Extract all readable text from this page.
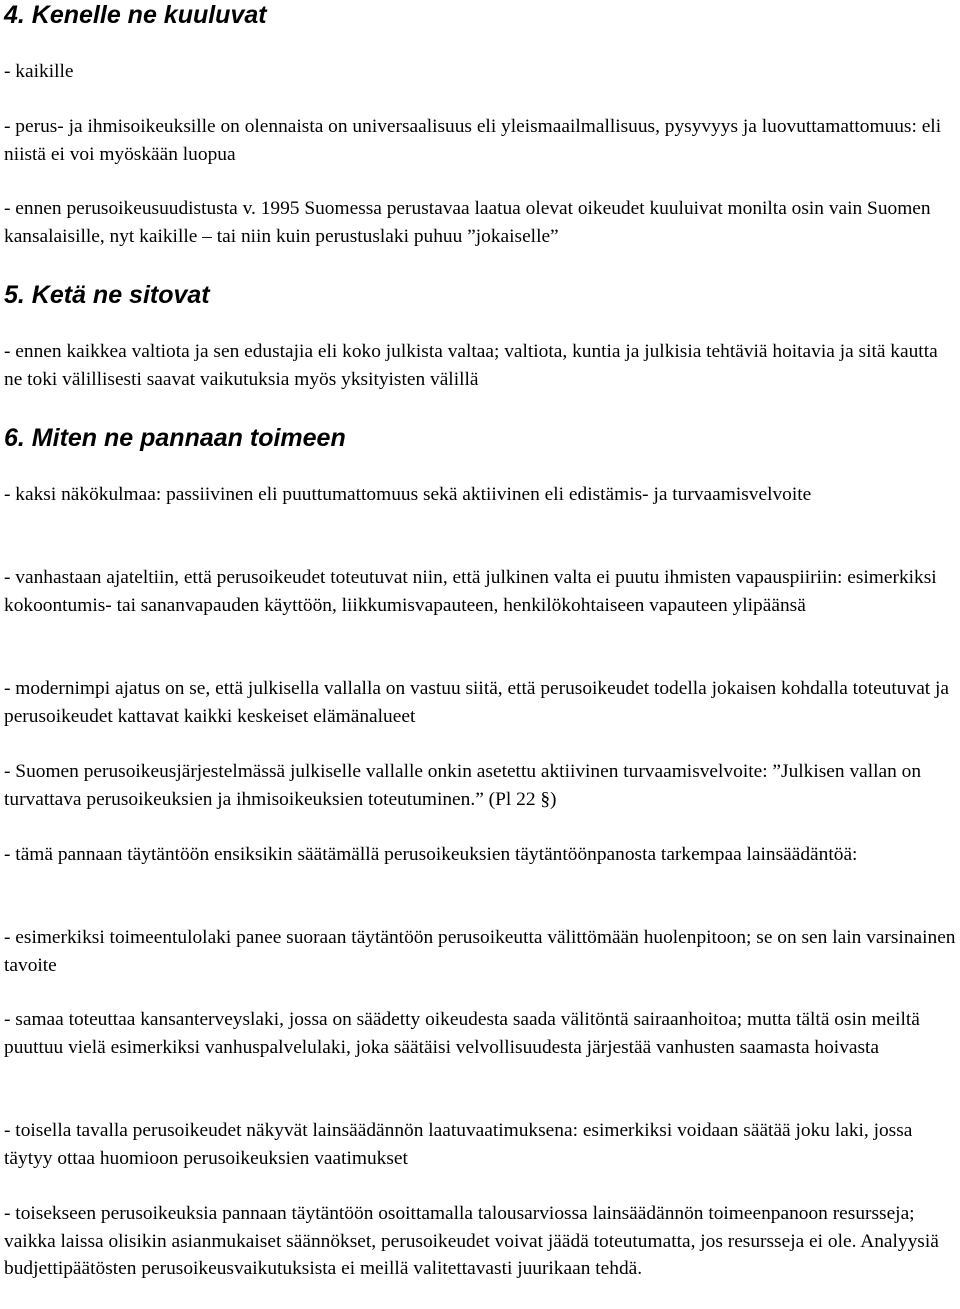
4. Kenelle ne kuuluvat

- kaikille

- perus- ja ihmisoikeuksille on olennaista on universaalisuus eli yleismaailmallisuus, pysyvyys ja luovuttamattomuus: eli niistä ei voi myöskään luopua

- ennen perusoikeusuudistusta v. 1995 Suomessa perustavaa laatua olevat oikeudet kuuluivat monilta osin vain Suomen kansalaisille, nyt kaikille – tai niin kuin perustuslaki puhuu ”jokaiselle”

5. Ketä ne sitovat

- ennen kaikkea valtiota ja sen edustajia eli koko julkista valtaa; valtiota, kuntia ja julkisia tehtäviä hoitavia ja sitä kautta ne toki välillisesti saavat vaikutuksia myös yksityisten välillä

6. Miten ne pannaan toimeen

- kaksi näkökulmaa: passiivinen eli puuttumattomuus sekä aktiivinen eli edistämis- ja turvaamisvelvoite

- vanhastaan ajateltiin, että perusoikeudet toteutuvat niin, että julkinen valta ei puutu ihmisten vapauspiiriin: esimerkiksi kokoontumis- tai sananvapauden käyttöön, liikkumisvapauteen, henkilökohtaiseen vapauteen ylipäänsä

- modernimpi ajatus on se, että julkisella vallalla on vastuu siitä, että perusoikeudet todella jokaisen kohdalla toteutuvat ja perusoikeudet kattavat kaikki keskeiset elämänalueet

- Suomen perusoikeusjärjestelmässä julkiselle vallalle onkin asetettu aktiivinen turvaamisvelvoite: ”Julkisen vallan on turvattava perusoikeuksien ja ihmisoikeuksien toteutuminen.” (Pl 22 §)

- tämä pannaan täytäntöön ensiksikin säätämällä perusoikeuksien täytäntöönpanosta tarkempaa lainsäädäntöä:

- esimerkiksi toimeentulolaki panee suoraan täytäntöön perusoikeutta välittömään huolenpitoon; se on sen lain varsinainen tavoite

- samaa toteuttaa kansanterveyslaki, jossa on säädetty oikeudesta saada välitöntä sairaanhoitoa; mutta tältä osin meiltä puuttuu vielä esimerkiksi vanhuspalvelulaki, joka säätäisi velvollisuudesta järjestää vanhusten saamasta hoivasta

- toisella tavalla perusoikeudet näkyvät lainsäädännön laatuvaatimuksena: esimerkiksi voidaan säätää joku laki, jossa täytyy ottaa huomioon perusoikeuksien vaatimukset

- toisekseen perusoikeuksia pannaan täytäntöön osoittamalla talousarviossa lainsäädännön toimeenpanoon resursseja; vaikka laissa olisikin asianmukaiset säännökset, perusoikeudet voivat jäädä toteutumatta, jos resursseja ei ole. Analyysiä budjettipäätösten perusoikeusvaikutuksista ei meillä valitettavasti juurikaan tehdä.
